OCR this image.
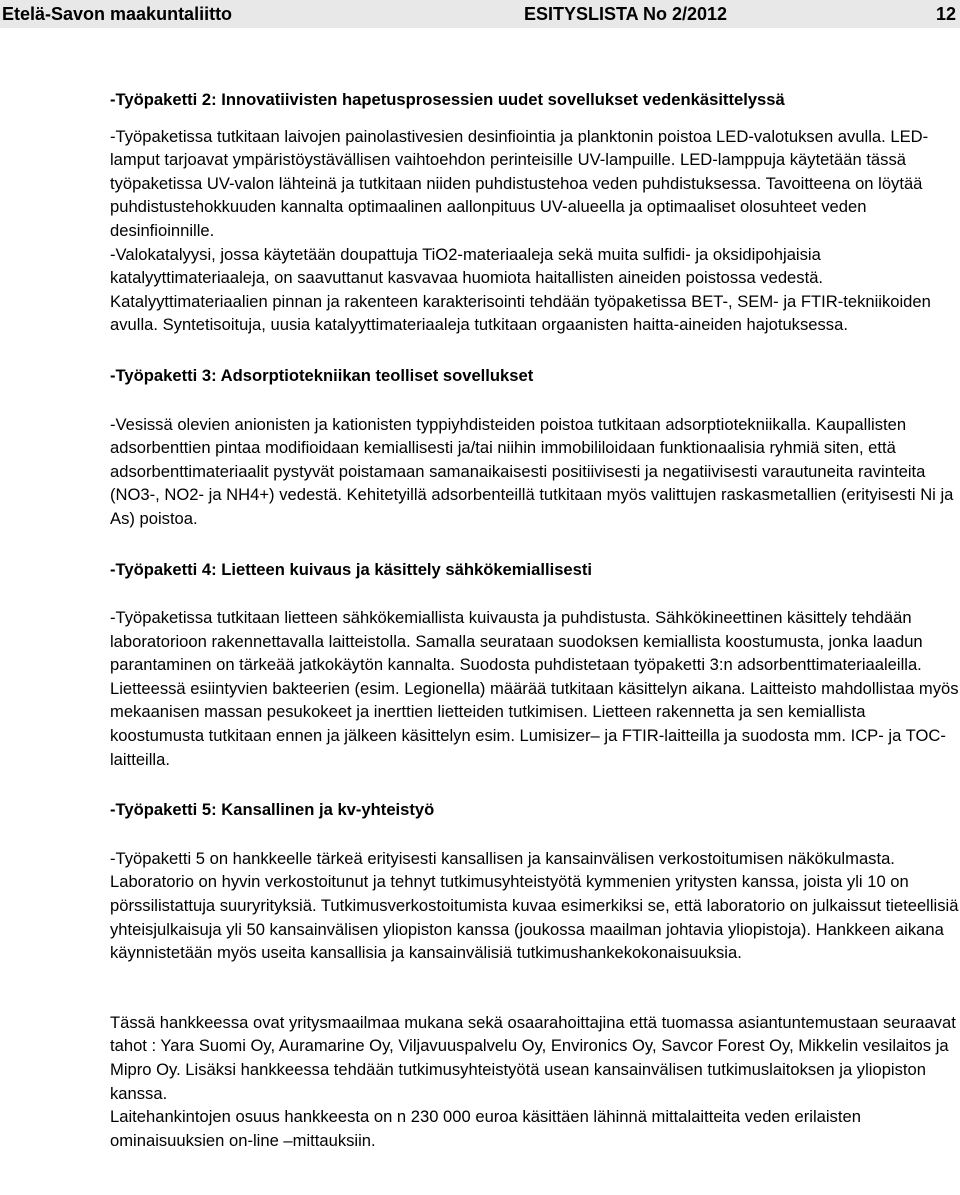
Etelä-Savon maakuntaliitto	ESITYSLISTA No 2/2012	12

-Työpaketti 2: Innovatiivisten hapetusprosessien uudet sovellukset vedenkäsittelyssä

-Työpaketissa tutkitaan laivojen painolastivesien desinfiointia ja planktonin poistoa LED-valotuksen avulla. LED-lamput tarjoavat ympäristöystävällisen vaihtoehdon perinteisille UV-lampuille. LED-lamppuja käytetään tässä työpaketissa UV-valon lähteinä ja tutkitaan niiden puhdistustehoa veden puhdistuksessa. Tavoitteena on löytää puhdistustehokkuuden kannalta optimaalinen aallonpituus UV-alueella ja optimaaliset olosuhteet veden desinfioinnille.

-Valokatalyysi, jossa käytetään doupattuja TiO2-materiaaleja sekä muita sulfidi- ja oksidipohjaisia katalyyttimateriaaleja, on saavuttanut kasvavaa huomiota haitallisten aineiden poistossa vedestä. Katalyyttimateriaalien pinnan ja rakenteen karakterisointi tehdään työpaketissa BET-, SEM- ja FTIR-tekniikoiden avulla. Syntetisoituja, uusia katalyyttimateriaaleja tutkitaan orgaanisten haitta-aineiden hajotuksessa.

-Työpaketti 3: Adsorptiotekniikan teolliset sovellukset

-Vesissä olevien anionisten ja kationisten typpiyhdisteiden poistoa tutkitaan adsorptiotekniikalla. Kaupallisten adsorbenttien pintaa modifioidaan kemiallisesti ja/tai niihin immobililoidaan funktionaalisia ryhmiä siten, että adsorbenttimateriaalit pystyvät poistamaan samanaikaisesti positiivisesti ja negatiivisesti varautuneita ravinteita (NO3-, NO2- ja NH4+) vedestä. Kehitetyillä adsorbenteillä tutkitaan myös valittujen raskasmetallien (erityisesti Ni ja As) poistoa.

-Työpaketti 4: Lietteen kuivaus ja käsittely sähkökemiallisesti

-Työpaketissa tutkitaan lietteen sähkökemiallista kuivausta ja puhdistusta. Sähkökineettinen käsittely tehdään laboratorioon rakennettavalla laitteistolla. Samalla seurataan suodoksen kemiallista koostumusta, jonka laadun parantaminen on tärkeää jatkokäytön kannalta. Suodosta puhdistetaan työpaketti 3:n adsorbenttimateriaaleilla. Lietteessä esiintyvien bakteerien (esim. Legionella) määrää tutkitaan käsittelyn aikana. Laitteisto mahdollistaa myös mekaanisen massan pesukokeet ja inerttien lietteiden tutkimisen. Lietteen rakennetta ja sen kemiallista koostumusta tutkitaan ennen ja jälkeen käsittelyn esim. Lumisizer– ja FTIR-laitteilla ja suodosta mm. ICP- ja TOC-laitteilla.

-Työpaketti 5: Kansallinen ja kv-yhteistyö

-Työpaketti 5 on hankkeelle tärkeä erityisesti kansallisen ja kansainvälisen verkostoitumisen näkökulmasta. Laboratorio on hyvin verkostoitunut ja tehnyt tutkimusyhteistyötä kymmenien yritysten kanssa, joista yli 10 on pörssilistattuja suuryrityksiä. Tutkimusverkostoitumista kuvaa esimerkiksi se, että laboratorio on julkaissut tieteellisiä yhteisjulkaisuja yli 50 kansainvälisen yliopiston kanssa (joukossa maailman johtavia yliopistoja). Hankkeen aikana käynnistetään myös useita kansallisia ja kansainvälisiä tutkimushankekokonaisuuksia.

Tässä hankkeessa ovat yritysmaailmaa mukana sekä osaarahoittajina että tuomassa asiantuntemustaan seuraavat tahot : Yara Suomi Oy, Auramarine Oy, Viljavuuspalvelu Oy, Environics Oy, Savcor Forest Oy, Mikkelin vesilaitos ja Mipro Oy. Lisäksi hankkeessa tehdään tutkimusyhteistyötä usean kansainvälisen tutkimuslaitoksen ja yliopiston kanssa.

Laitehankintojen osuus hankkeesta on n 230 000 euroa käsittäen lähinnä mittalaitteita veden erilaisten ominaisuuksien on-line –mittauksiin.
